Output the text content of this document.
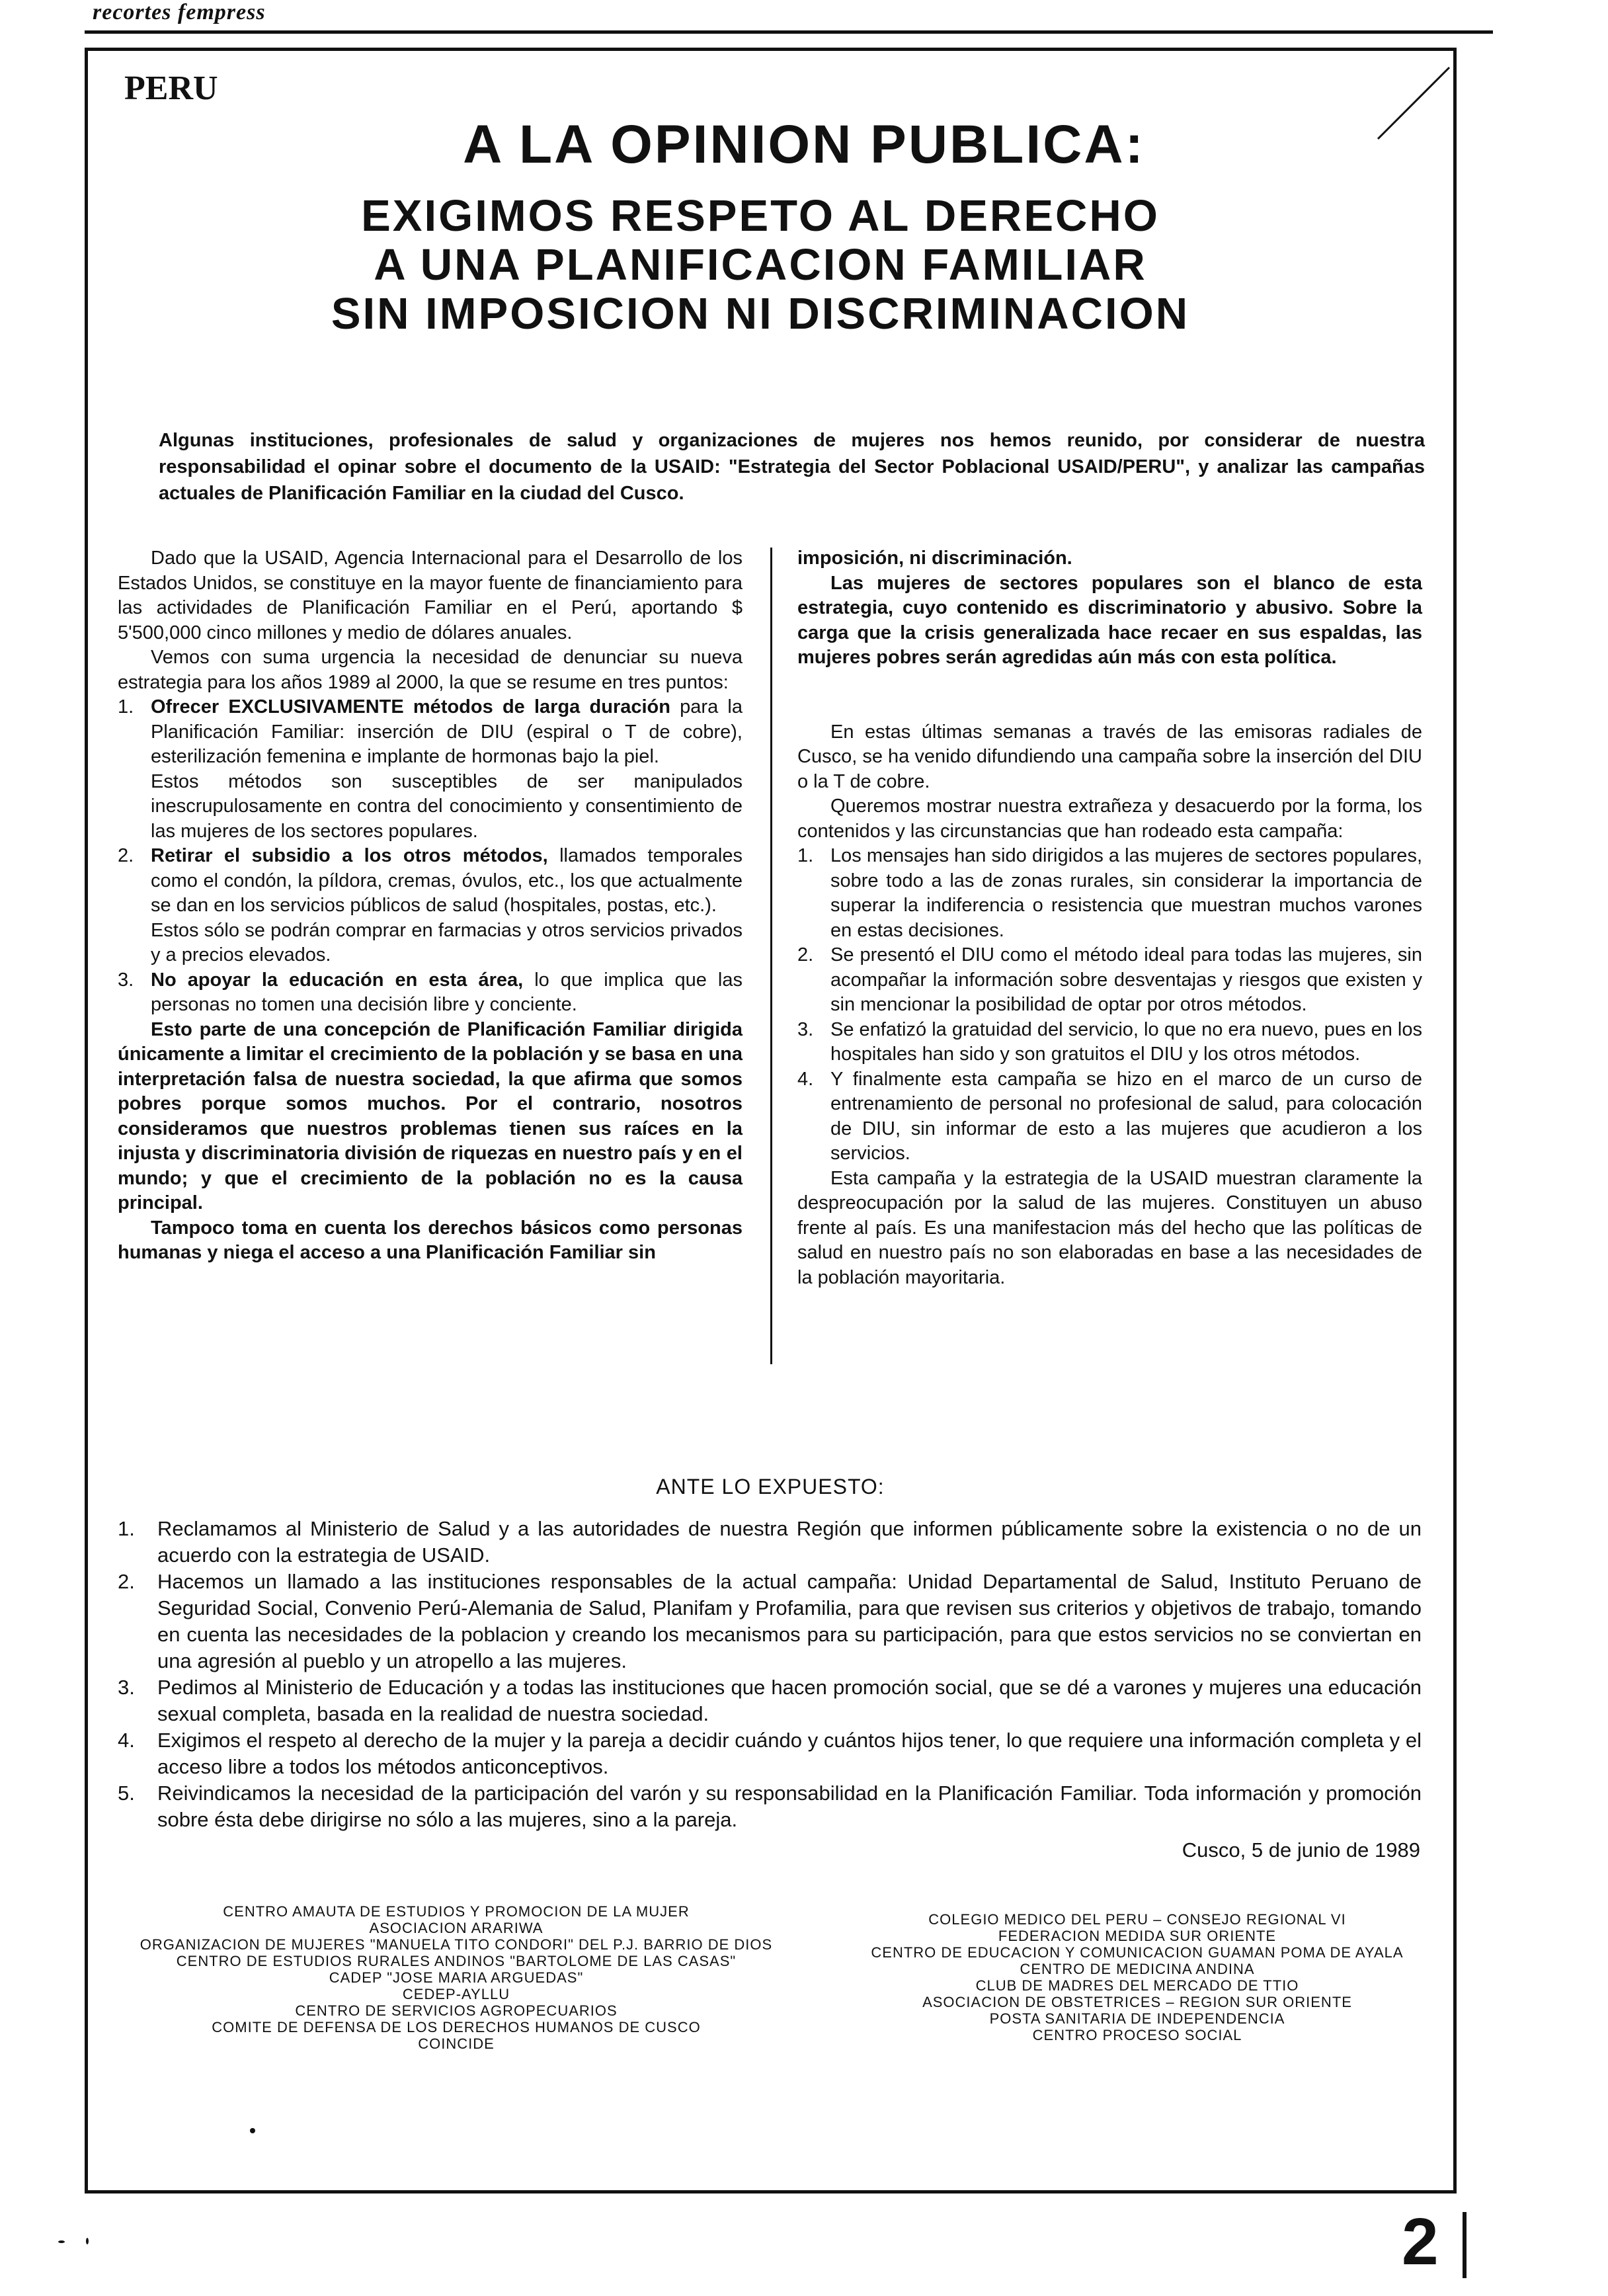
recortes fempress
PERU
A LA OPINION PUBLICA:
EXIGIMOS RESPETO AL DERECHO
A UNA PLANIFICACION FAMILIAR
SIN IMPOSICION NI DISCRIMINACION
Algunas instituciones, profesionales de salud y organizaciones de mujeres nos hemos reunido, por considerar de nuestra responsabilidad el opinar sobre el documento de la USAID: "Estrategia del Sector Poblacional USAID/PERU", y analizar las campañas actuales de Planificación Familiar en la ciudad del Cusco.

Dado que la USAID, Agencia Internacional para el Desarrollo de los Estados Unidos, se constituye en la mayor fuente de financiamiento para las actividades de Planificación Familiar en el Perú, aportando $ 5'500,000 cinco millones y medio de dólares anuales.

Vemos con suma urgencia la necesidad de denunciar su nueva estrategia para los años 1989 al 2000, la que se resume en tres puntos:

1. Ofrecer EXCLUSIVAMENTE métodos de larga duración para la Planificación Familiar: inserción de DIU (espiral o T de cobre), esterilización femenina e implante de hormonas bajo la piel.
Estos métodos son susceptibles de ser manipulados inescrupulosamente en contra del conocimiento y consentimiento de las mujeres de los sectores populares.
2. Retirar el subsidio a los otros métodos, llamados temporales como el condón, la píldora, cremas, óvulos, etc., los que actualmente se dan en los servicios públicos de salud (hospitales, postas, etc.).
Estos sólo se podrán comprar en farmacias y otros servicios privados y a precios elevados.
3. No apoyar la educación en esta área, lo que implica que las personas no tomen una decisión libre y conciente.

Esto parte de una concepción de Planificación Familiar dirigida únicamente a limitar el crecimiento de la población y se basa en una interpretación falsa de nuestra sociedad, la que afirma que somos pobres porque somos muchos. Por el contrario, nosotros consideramos que nuestros problemas tienen sus raíces en la injusta y discriminatoria división de riquezas en nuestro país y en el mundo; y que el crecimiento de la población no es la causa principal.

Tampoco toma en cuenta los derechos básicos como personas humanas y niega el acceso a una Planificación Familiar sin

imposición, ni discriminación.

Las mujeres de sectores populares son el blanco de esta estrategia, cuyo contenido es discriminatorio y abusivo. Sobre la carga que la crisis generalizada hace recaer en sus espaldas, las mujeres pobres serán agredidas aún más con esta política.

En estas últimas semanas a través de las emisoras radiales de Cusco, se ha venido difundiendo una campaña sobre la inserción del DIU o la T de cobre.

Queremos mostrar nuestra extrañeza y desacuerdo por la forma, los contenidos y las circunstancias que han rodeado esta campaña:

1. Los mensajes han sido dirigidos a las mujeres de sectores populares, sobre todo a las de zonas rurales, sin considerar la importancia de superar la indiferencia o resistencia que muestran muchos varones en estas decisiones.
2. Se presentó el DIU como el método ideal para todas las mujeres, sin acompañar la información sobre desventajas y riesgos que existen y sin mencionar la posibilidad de optar por otros métodos.
3. Se enfatizó la gratuidad del servicio, lo que no era nuevo, pues en los hospitales han sido y son gratuitos el DIU y los otros métodos.
4. Y finalmente esta campaña se hizo en el marco de un curso de entrenamiento de personal no profesional de salud, para colocación de DIU, sin informar de esto a las mujeres que acudieron a los servicios.

Esta campaña y la estrategia de la USAID muestran claramente la despreocupación por la salud de las mujeres. Constituyen un abuso frente al país. Es una manifestacion más del hecho que las políticas de salud en nuestro país no son elaboradas en base a las necesidades de la población mayoritaria.

ANTE LO EXPUESTO:
1. Reclamamos al Ministerio de Salud y a las autoridades de nuestra Región que informen públicamente sobre la existencia o no de un acuerdo con la estrategia de USAID.
2. Hacemos un llamado a las instituciones responsables de la actual campaña: Unidad Departamental de Salud, Instituto Peruano de Seguridad Social, Convenio Perú-Alemania de Salud, Planifam y Profamilia, para que revisen sus criterios y objetivos de trabajo, tomando en cuenta las necesidades de la poblacion y creando los mecanismos para su participación, para que estos servicios no se conviertan en una agresión al pueblo y un atropello a las mujeres.
3. Pedimos al Ministerio de Educación y a todas las instituciones que hacen promoción social, que se dé a varones y mujeres una educación sexual completa, basada en la realidad de nuestra sociedad.
4. Exigimos el respeto al derecho de la mujer y la pareja a decidir cuándo y cuántos hijos tener, lo que requiere una información completa y el acceso libre a todos los métodos anticonceptivos.
5. Reivindicamos la necesidad de la participación del varón y su responsabilidad en la Planificación Familiar. Toda información y promoción sobre ésta debe dirigirse no sólo a las mujeres, sino a la pareja.
Cusco, 5 de junio de 1989
CENTRO AMAUTA DE ESTUDIOS Y PROMOCION DE LA MUJER
ASOCIACION ARARIWA
ORGANIZACION DE MUJERES "MANUELA TITO CONDORI" DEL P.J. BARRIO DE DIOS
CENTRO DE ESTUDIOS RURALES ANDINOS "BARTOLOME DE LAS CASAS"
CADEP "JOSE MARIA ARGUEDAS"
CEDEP-AYLLU
CENTRO DE SERVICIOS AGROPECUARIOS
COMITE DE DEFENSA DE LOS DERECHOS HUMANOS DE CUSCO
COINCIDE
COLEGIO MEDICO DEL PERU – CONSEJO REGIONAL VI
FEDERACION MEDIDA SUR ORIENTE
CENTRO DE EDUCACION Y COMUNICACION GUAMAN POMA DE AYALA
CENTRO DE MEDICINA ANDINA
CLUB DE MADRES DEL MERCADO DE TTIO
ASOCIACION DE OBSTETRICES – REGION SUR ORIENTE
POSTA SANITARIA DE INDEPENDENCIA
CENTRO PROCESO SOCIAL
2
